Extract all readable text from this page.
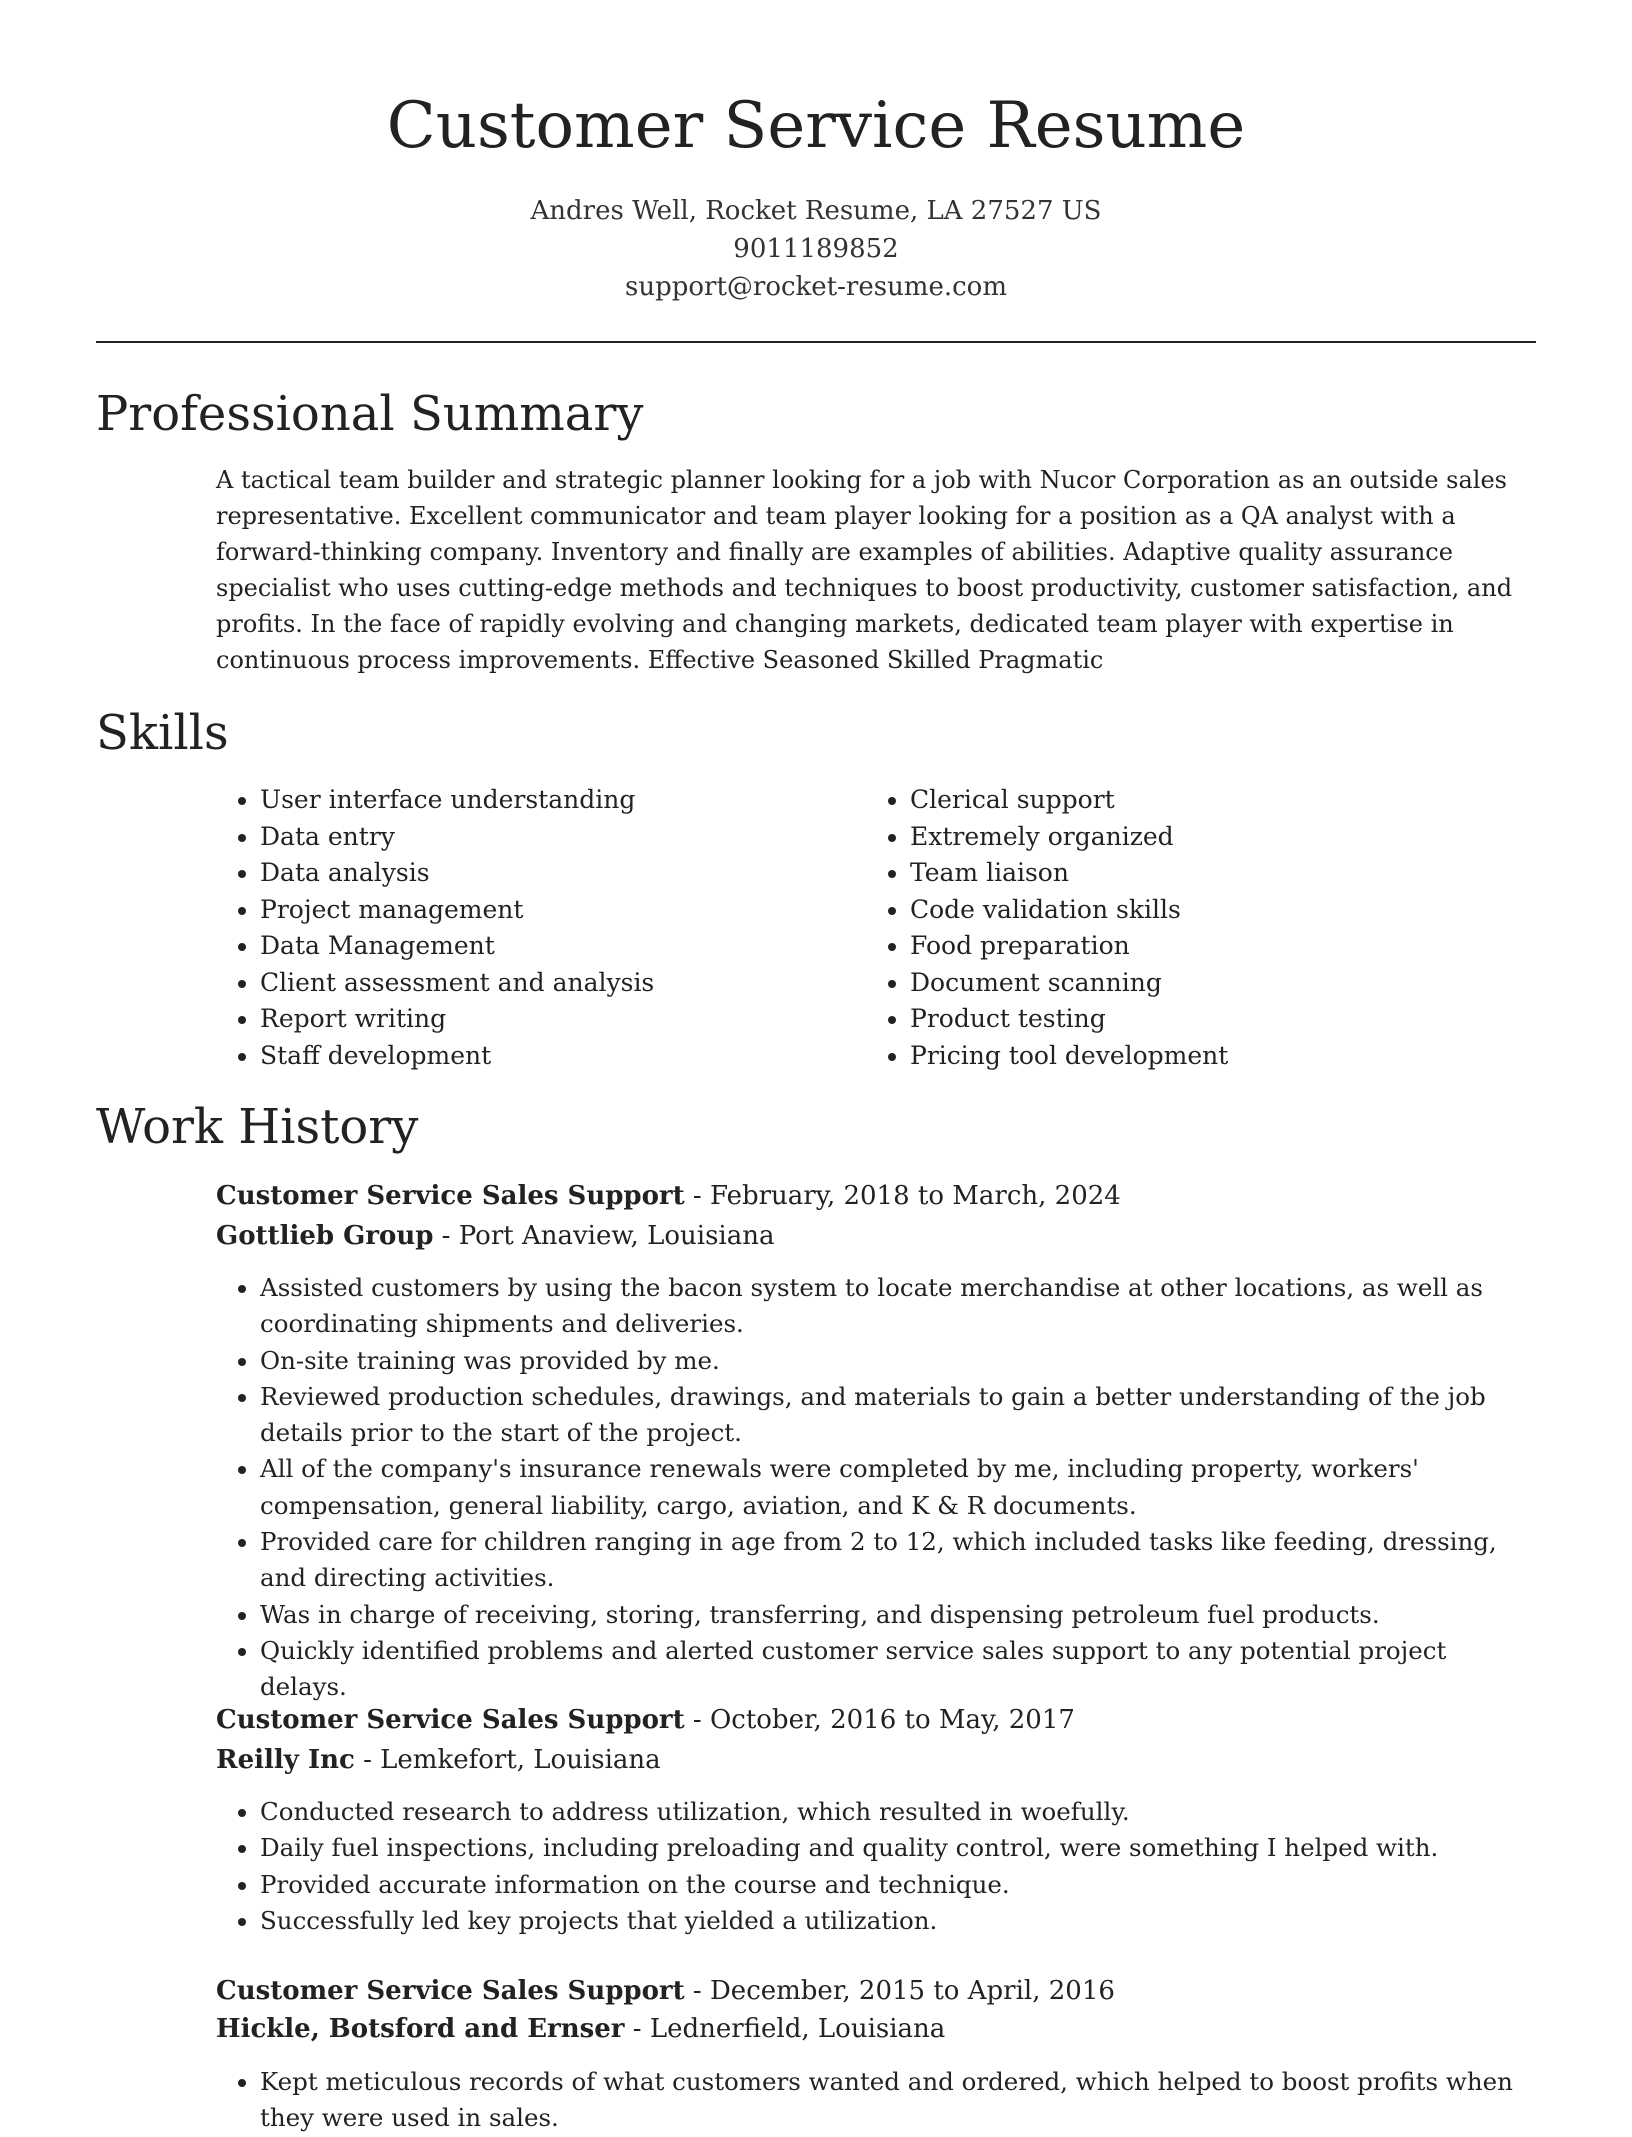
Customer Service Resume
Andres Well, Rocket Resume, LA 27527 US
9011189852
support@rocket-resume.com
Professional Summary

A tactical team builder and strategic planner looking for a job with Nucor Corporation as an outside sales representative. Excellent communicator and team player looking for a position as a QA analyst with a forward-thinking company. Inventory and finally are examples of abilities. Adaptive quality assurance specialist who uses cutting-edge methods and techniques to boost productivity, customer satisfaction, and profits. In the face of rapidly evolving and changing markets, dedicated team player with expertise in continuous process improvements. Effective Seasoned Skilled Pragmatic

Skills
• User interface understanding
• Data entry
• Data analysis
• Project management
• Data Management
• Client assessment and analysis
• Report writing
• Staff development
• Clerical support
• Extremely organized
• Team liaison
• Code validation skills
• Food preparation
• Document scanning
• Product testing
• Pricing tool development
Work History
Customer Service Sales Support - February, 2018 to March, 2024
Gottlieb Group - Port Anaview, Louisiana
• Assisted customers by using the bacon system to locate merchandise at other locations, as well as coordinating shipments and deliveries.
• On-site training was provided by me.
• Reviewed production schedules, drawings, and materials to gain a better understanding of the job details prior to the start of the project.
• All of the company's insurance renewals were completed by me, including property, workers' compensation, general liability, cargo, aviation, and K & R documents.
• Provided care for children ranging in age from 2 to 12, which included tasks like feeding, dressing, and directing activities.
• Was in charge of receiving, storing, transferring, and dispensing petroleum fuel products.
• Quickly identified problems and alerted customer service sales support to any potential project delays.
Customer Service Sales Support - October, 2016 to May, 2017
Reilly Inc - Lemkefort, Louisiana
• Conducted research to address utilization, which resulted in woefully.
• Daily fuel inspections, including preloading and quality control, were something I helped with.
• Provided accurate information on the course and technique.
• Successfully led key projects that yielded a utilization.
Customer Service Sales Support - December, 2015 to April, 2016
Hickle, Botsford and Ernser - Lednerfield, Louisiana
• Kept meticulous records of what customers wanted and ordered, which helped to boost profits when they were used in sales.
